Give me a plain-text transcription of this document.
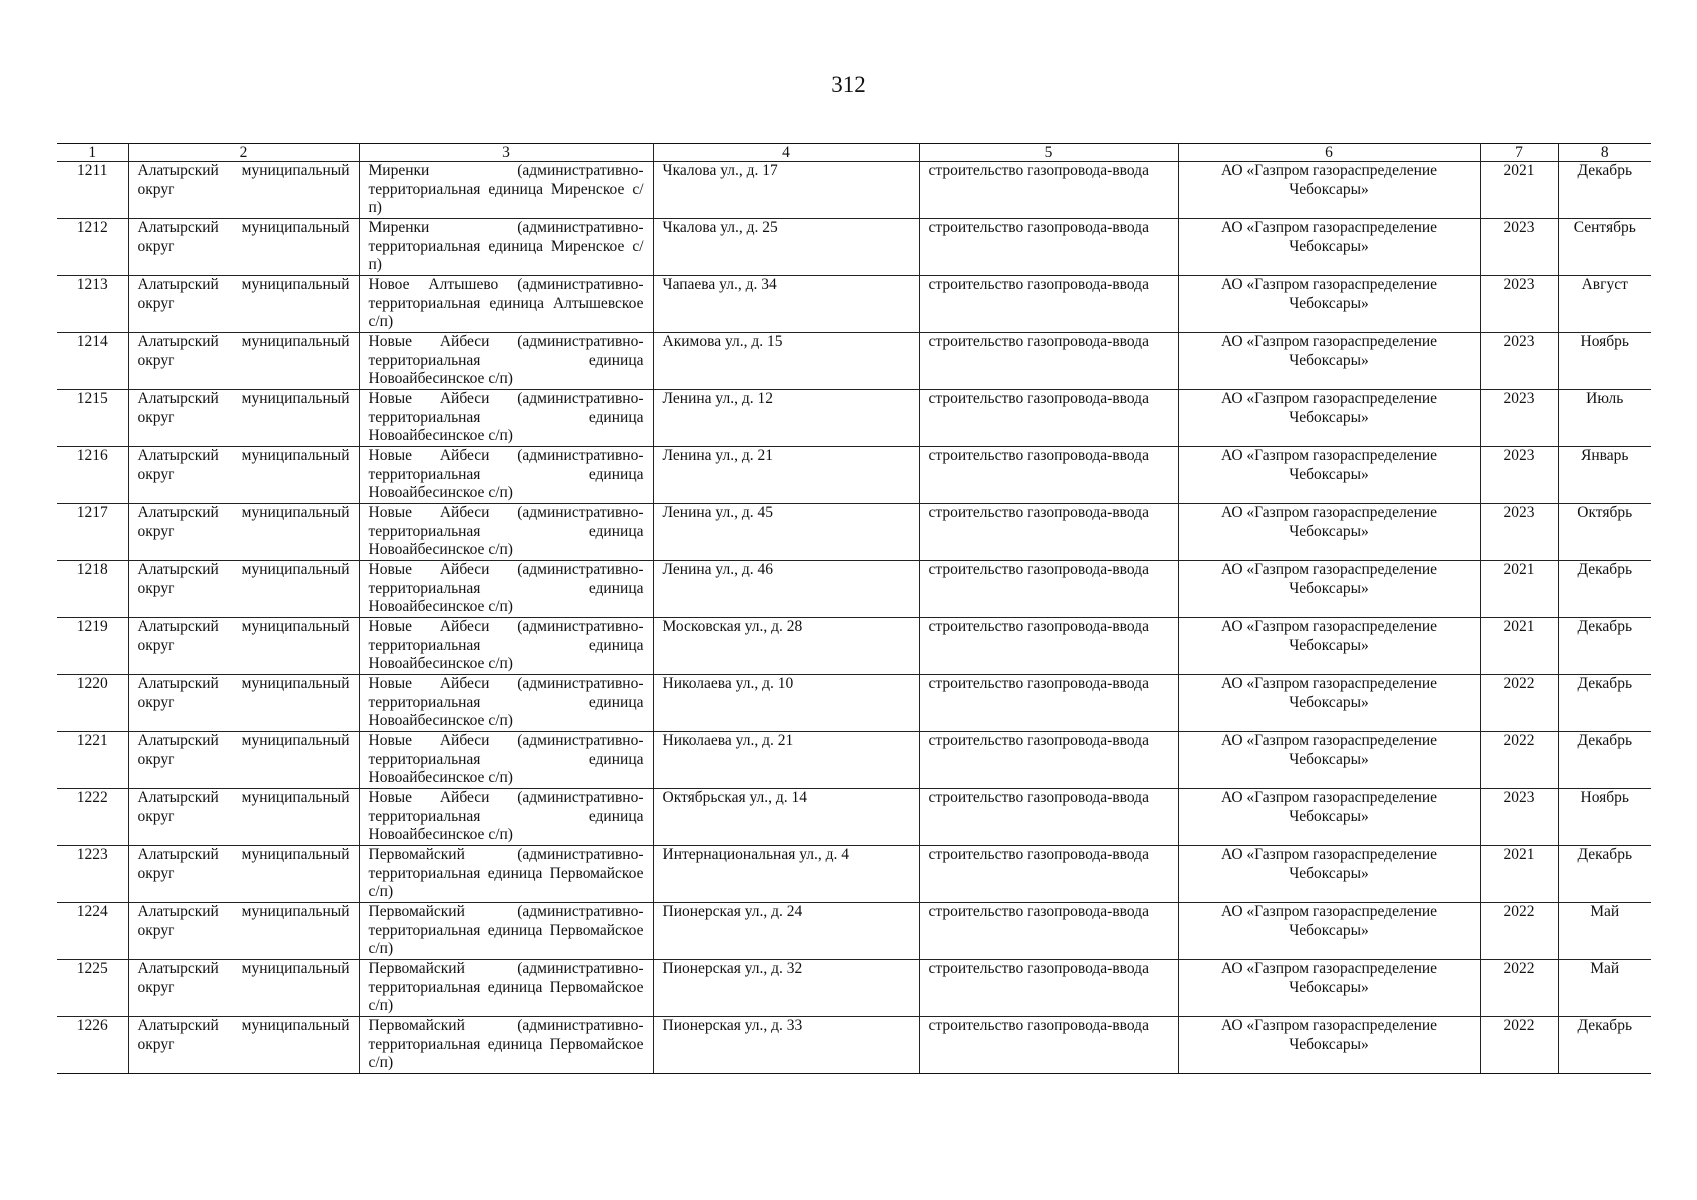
312
1	2	3	4	5	6	7	8
1211	Алатырский муниципальный округ	Миренки (административно-территориальная единица Миренское с/п)	Чкалова ул., д. 17	строительство газопровода-ввода	АО «Газпром газораспределение Чебоксары»	2021	Декабрь
1212	Алатырский муниципальный округ	Миренки (административно-территориальная единица Миренское с/п)	Чкалова ул., д. 25	строительство газопровода-ввода	АО «Газпром газораспределение Чебоксары»	2023	Сентябрь
1213	Алатырский муниципальный округ	Новое Алтышево (административно-территориальная единица Алтышевское с/п)	Чапаева ул., д. 34	строительство газопровода-ввода	АО «Газпром газораспределение Чебоксары»	2023	Август
1214	Алатырский муниципальный округ	Новые Айбеси (административно-территориальная единица Новоайбесинское с/п)	Акимова ул., д. 15	строительство газопровода-ввода	АО «Газпром газораспределение Чебоксары»	2023	Ноябрь
1215	Алатырский муниципальный округ	Новые Айбеси (административно-территориальная единица Новоайбесинское с/п)	Ленина ул., д. 12	строительство газопровода-ввода	АО «Газпром газораспределение Чебоксары»	2023	Июль
1216	Алатырский муниципальный округ	Новые Айбеси (административно-территориальная единица Новоайбесинское с/п)	Ленина ул., д. 21	строительство газопровода-ввода	АО «Газпром газораспределение Чебоксары»	2023	Январь
1217	Алатырский муниципальный округ	Новые Айбеси (административно-территориальная единица Новоайбесинское с/п)	Ленина ул., д. 45	строительство газопровода-ввода	АО «Газпром газораспределение Чебоксары»	2023	Октябрь
1218	Алатырский муниципальный округ	Новые Айбеси (административно-территориальная единица Новоайбесинское с/п)	Ленина ул., д. 46	строительство газопровода-ввода	АО «Газпром газораспределение Чебоксары»	2021	Декабрь
1219	Алатырский муниципальный округ	Новые Айбеси (административно-территориальная единица Новоайбесинское с/п)	Московская ул., д. 28	строительство газопровода-ввода	АО «Газпром газораспределение Чебоксары»	2021	Декабрь
1220	Алатырский муниципальный округ	Новые Айбеси (административно-территориальная единица Новоайбесинское с/п)	Николаева ул., д. 10	строительство газопровода-ввода	АО «Газпром газораспределение Чебоксары»	2022	Декабрь
1221	Алатырский муниципальный округ	Новые Айбеси (административно-территориальная единица Новоайбесинское с/п)	Николаева ул., д. 21	строительство газопровода-ввода	АО «Газпром газораспределение Чебоксары»	2022	Декабрь
1222	Алатырский муниципальный округ	Новые Айбеси (административно-территориальная единица Новоайбесинское с/п)	Октябрьская ул., д. 14	строительство газопровода-ввода	АО «Газпром газораспределение Чебоксары»	2023	Ноябрь
1223	Алатырский муниципальный округ	Первомайский (административно-территориальная единица Первомайское с/п)	Интернациональная ул., д. 4	строительство газопровода-ввода	АО «Газпром газораспределение Чебоксары»	2021	Декабрь
1224	Алатырский муниципальный округ	Первомайский (административно-территориальная единица Первомайское с/п)	Пионерская ул., д. 24	строительство газопровода-ввода	АО «Газпром газораспределение Чебоксары»	2022	Май
1225	Алатырский муниципальный округ	Первомайский (административно-территориальная единица Первомайское с/п)	Пионерская ул., д. 32	строительство газопровода-ввода	АО «Газпром газораспределение Чебоксары»	2022	Май
1226	Алатырский муниципальный округ	Первомайский (административно-территориальная единица Первомайское с/п)	Пионерская ул., д. 33	строительство газопровода-ввода	АО «Газпром газораспределение Чебоксары»	2022	Декабрь
